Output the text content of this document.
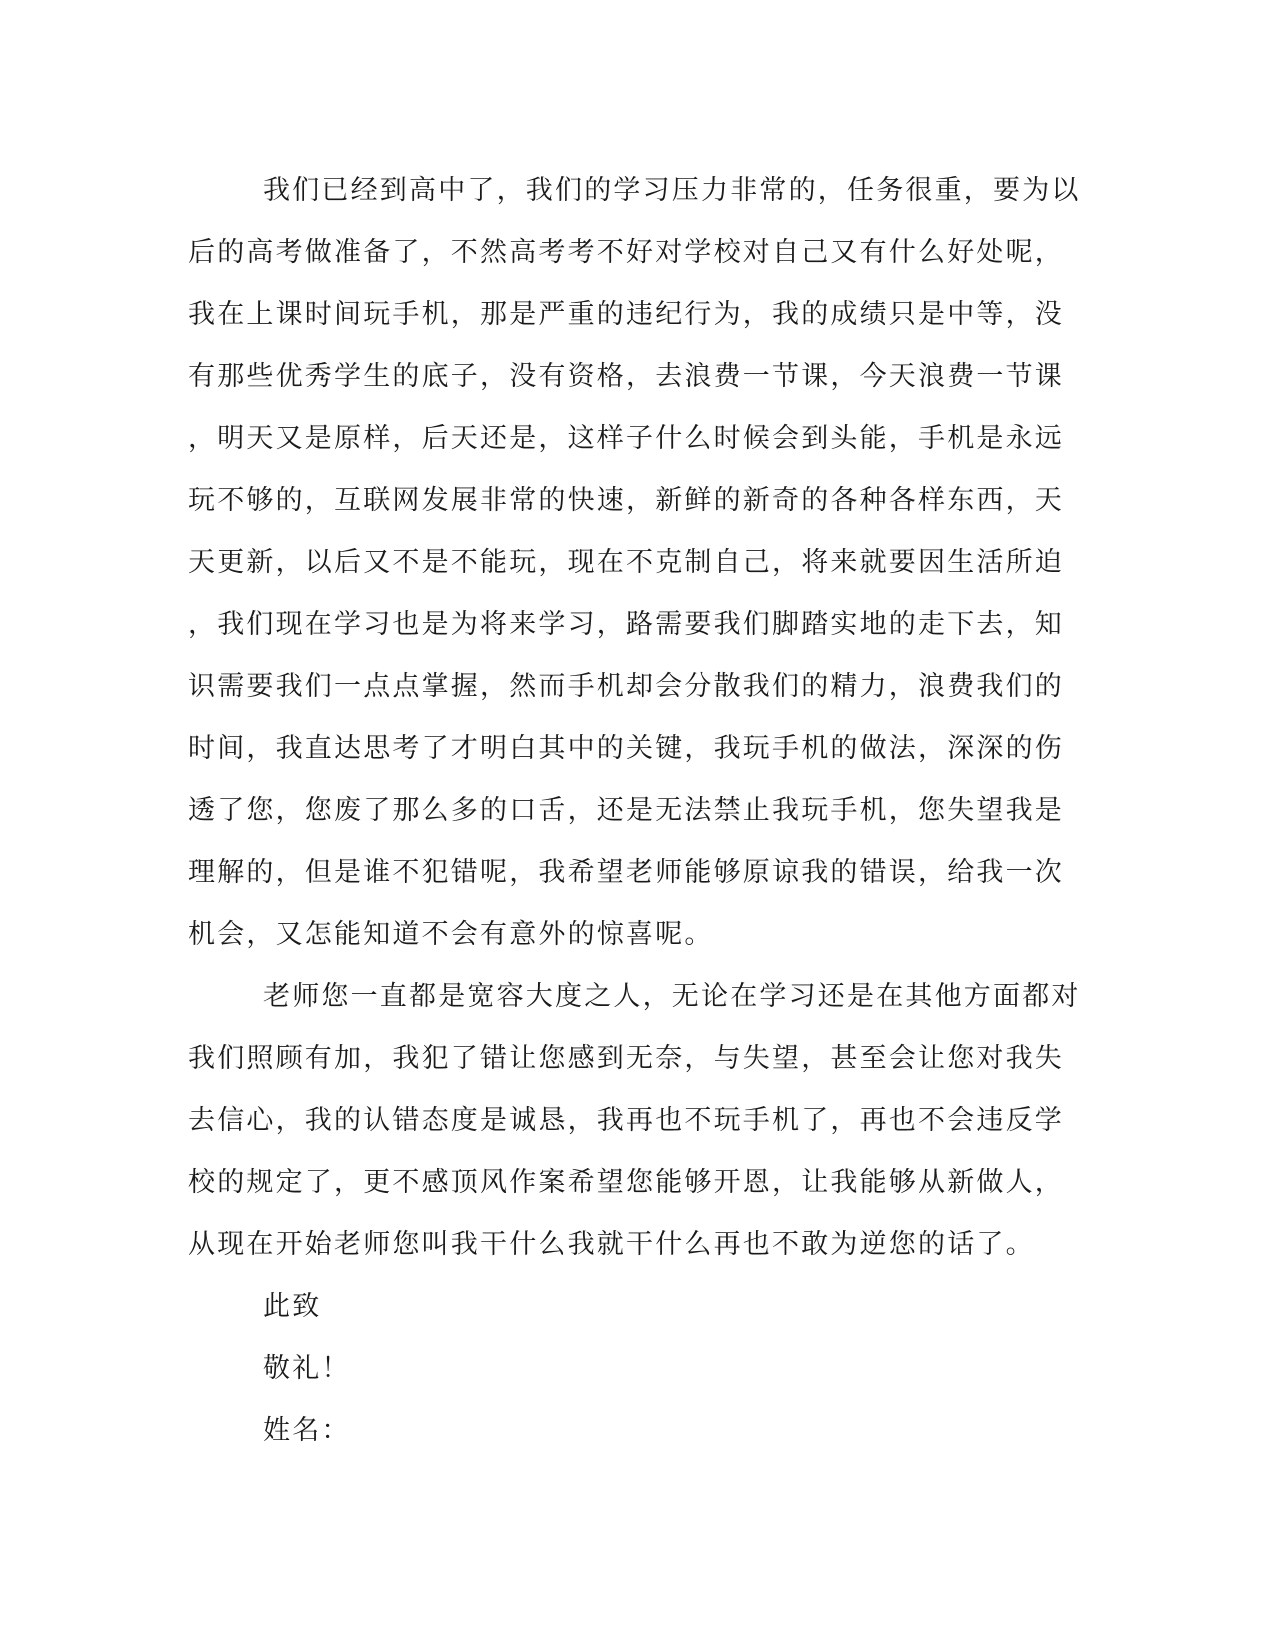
我们已经到高中了，我们的学习压力非常的，任务很重，要为以
后的高考做准备了，不然高考考不好对学校对自己又有什么好处呢，
我在上课时间玩手机，那是严重的违纪行为，我的成绩只是中等，没
有那些优秀学生的底子，没有资格，去浪费一节课，今天浪费一节课
，明天又是原样，后天还是，这样子什么时候会到头能，手机是永远
玩不够的，互联网发展非常的快速，新鲜的新奇的各种各样东西，天
天更新，以后又不是不能玩，现在不克制自己，将来就要因生活所迫
，我们现在学习也是为将来学习，路需要我们脚踏实地的走下去，知
识需要我们一点点掌握，然而手机却会分散我们的精力，浪费我们的
时间，我直达思考了才明白其中的关键，我玩手机的做法，深深的伤
透了您，您废了那么多的口舌，还是无法禁止我玩手机，您失望我是
理解的，但是谁不犯错呢，我希望老师能够原谅我的错误，给我一次
机会，又怎能知道不会有意外的惊喜呢。
老师您一直都是宽容大度之人，无论在学习还是在其他方面都对
我们照顾有加，我犯了错让您感到无奈，与失望，甚至会让您对我失
去信心，我的认错态度是诚恳，我再也不玩手机了，再也不会违反学
校的规定了，更不感顶风作案希望您能够开恩，让我能够从新做人，
从现在开始老师您叫我干什么我就干什么再也不敢为逆您的话了。
此致
敬礼！
姓名：
